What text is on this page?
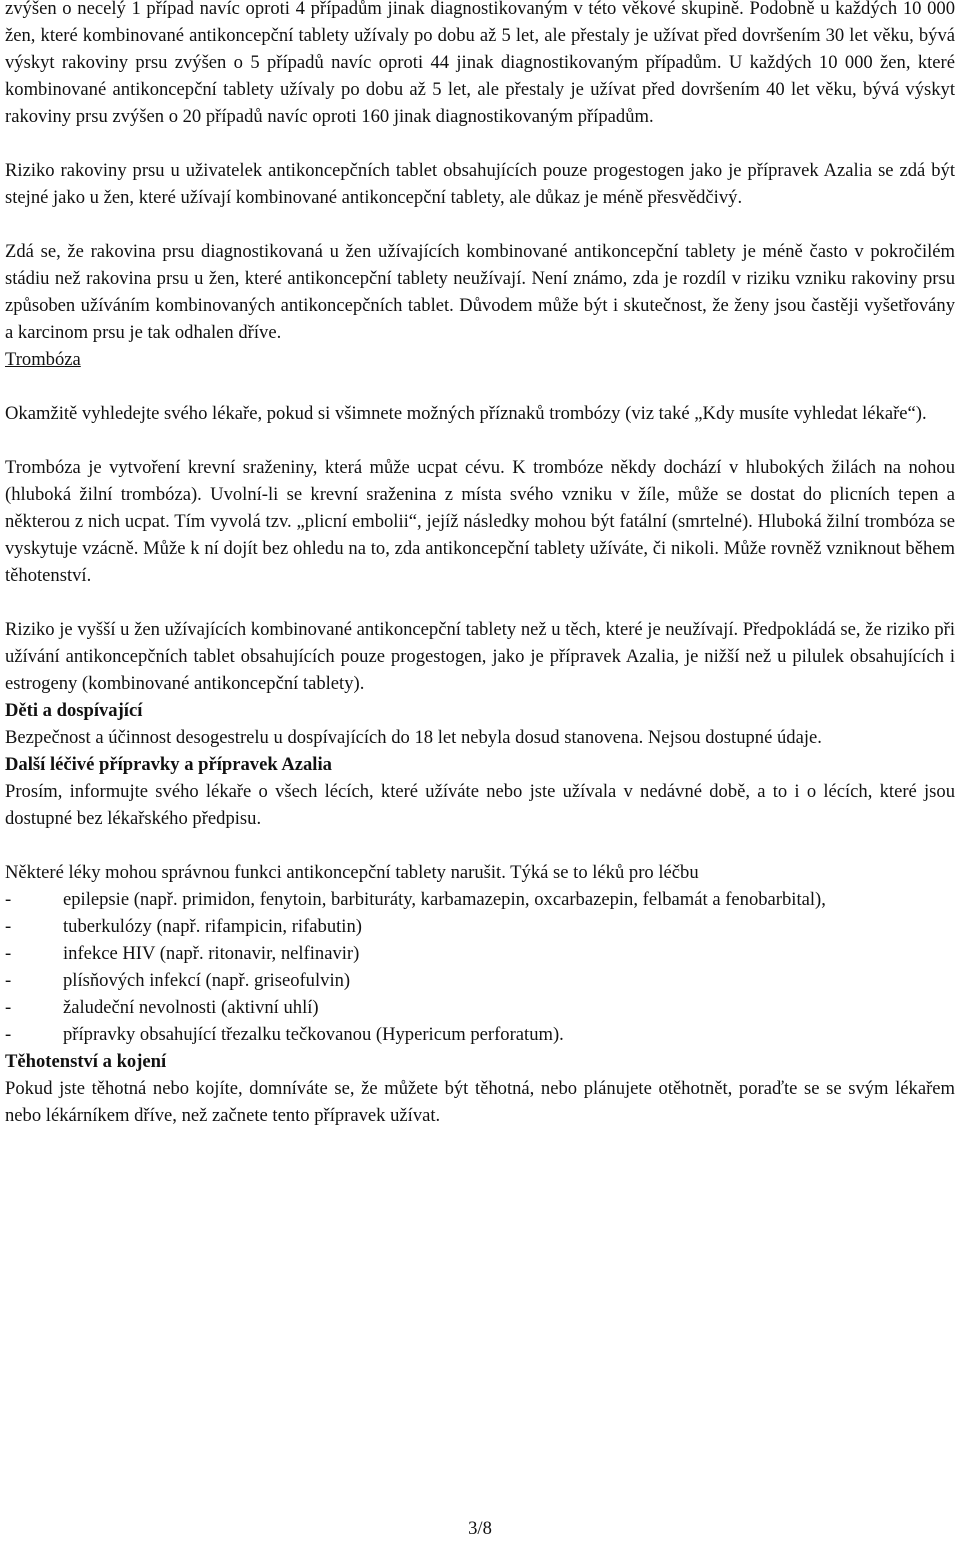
zvýšen o necelý 1 případ navíc oproti 4 případům jinak diagnostikovaným v této věkové skupině. Podobně u každých 10 000 žen, které kombinované antikoncepční tablety užívaly po dobu až 5 let, ale přestaly je užívat před dovršením 30 let věku, bývá výskyt rakoviny prsu zvýšen o 5 případů navíc oproti 44 jinak diagnostikovaným případům. U každých 10 000 žen, které kombinované antikoncepční tablety užívaly po dobu až 5 let, ale přestaly je užívat před dovršením 40 let věku, bývá výskyt rakoviny prsu zvýšen o 20 případů navíc oproti 160 jinak diagnostikovaným případům.

Riziko rakoviny prsu u uživatelek antikoncepčních tablet obsahujících pouze progestogen jako je přípravek Azalia se zdá být stejné jako u žen, které užívají kombinované antikoncepční tablety, ale důkaz je méně přesvědčivý.

Zdá se, že rakovina prsu diagnostikovaná u žen užívajících kombinované antikoncepční tablety je méně často v pokročilém stádiu než rakovina prsu u žen, které antikoncepční tablety neužívají. Není známo, zda je rozdíl v riziku vzniku rakoviny prsu způsoben užíváním kombinovaných antikoncepčních tablet. Důvodem může být i skutečnost, že ženy jsou častěji vyšetřovány a karcinom prsu je tak odhalen dříve.

Trombóza

Okamžitě vyhledejte svého lékaře, pokud si všimnete možných příznaků trombózy (viz také „Kdy musíte vyhledat lékaře“).

Trombóza je vytvoření krevní sraženiny, která může ucpat cévu. K trombóze někdy dochází v hlubokých žilách na nohou (hluboká žilní trombóza). Uvolní-li se krevní sraženina z místa svého vzniku v žíle, může se dostat do plicních tepen a některou z nich ucpat. Tím vyvolá tzv. „plicní embolii“, jejíž následky mohou být fatální (smrtelné). Hluboká žilní trombóza se vyskytuje vzácně. Může k ní dojít bez ohledu na to, zda antikoncepční tablety užíváte, či nikoli. Může rovněž vzniknout během těhotenství.

Riziko je vyšší u žen užívajících kombinované antikoncepční tablety než u těch, které je neužívají. Předpokládá se, že riziko při užívání antikoncepčních tablet obsahujících pouze progestogen, jako je přípravek Azalia, je nižší než u pilulek obsahujících i estrogeny (kombinované antikoncepční tablety).

Děti a dospívající

Bezpečnost a účinnost desogestrelu u dospívajících do 18 let nebyla dosud stanovena. Nejsou dostupné údaje.

Další léčivé přípravky a přípravek Azalia

Prosím, informujte svého lékaře o všech lécích, které užíváte nebo jste užívala v nedávné době, a to i o lécích, které jsou dostupné bez lékařského předpisu.

Některé léky mohou správnou funkci antikoncepční tablety narušit. Týká se to léků pro léčbu

-	epilepsie (např. primidon, fenytoin, barbituráty, karbamazepin, oxcarbazepin, felbamát a fenobarbital),
-	tuberkulózy (např. rifampicin, rifabutin)
-	infekce HIV (např. ritonavir, nelfinavir)
-	plísňových infekcí (např. griseofulvin)
-	žaludeční nevolnosti (aktivní uhlí)
-	přípravky obsahující třezalku tečkovanou (Hypericum perforatum).

Těhotenství a kojení

Pokud jste těhotná nebo kojíte, domníváte se, že můžete být těhotná, nebo plánujete otěhotnět, poraďte se se svým lékařem nebo lékárníkem dříve, než začnete tento přípravek užívat.

3/8
